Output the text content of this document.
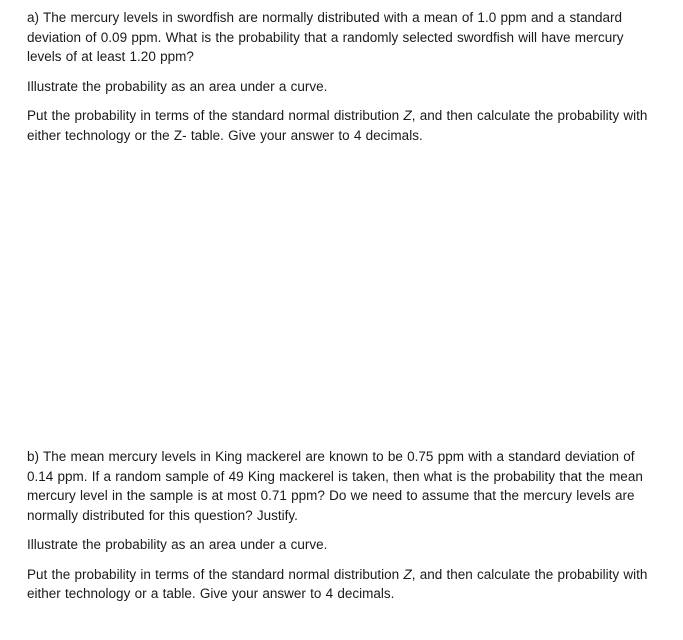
a) The mercury levels in swordfish are normally distributed with a mean of 1.0 ppm and a standard deviation of 0.09 ppm. What is the probability that a randomly selected swordfish will have mercury levels of at least 1.20 ppm?

Illustrate the probability as an area under a curve.

Put the probability in terms of the standard normal distribution Z, and then calculate the probability with either technology or the Z- table. Give your answer to 4 decimals.

b) The mean mercury levels in King mackerel are known to be 0.75 ppm with a standard deviation of 0.14 ppm. If a random sample of 49 King mackerel is taken, then what is the probability that the mean mercury level in the sample is at most 0.71 ppm? Do we need to assume that the mercury levels are normally distributed for this question? Justify.

Illustrate the probability as an area under a curve.

Put the probability in terms of the standard normal distribution Z, and then calculate the probability with either technology or a table. Give your answer to 4 decimals.
